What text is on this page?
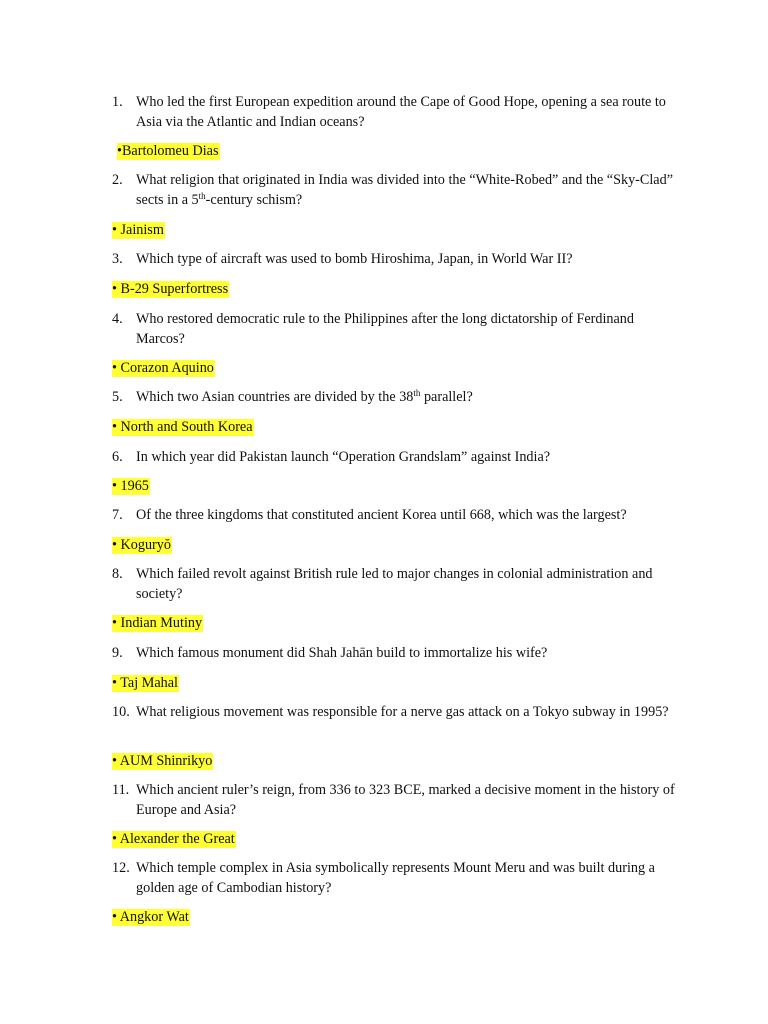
1. Who led the first European expedition around the Cape of Good Hope, opening a sea route to Asia via the Atlantic and Indian oceans?
•Bartolomeu Dias
2. What religion that originated in India was divided into the “White-Robed” and the “Sky-Clad” sects in a 5th-century schism?
• Jainism
3. Which type of aircraft was used to bomb Hiroshima, Japan, in World War II?
• B-29 Superfortress
4. Who restored democratic rule to the Philippines after the long dictatorship of Ferdinand Marcos?
• Corazon Aquino
5. Which two Asian countries are divided by the 38th parallel?
• North and South Korea
6. In which year did Pakistan launch “Operation Grandslam” against India?
• 1965
7. Of the three kingdoms that constituted ancient Korea until 668, which was the largest?
• Koguryŏ
8. Which failed revolt against British rule led to major changes in colonial administration and society?
• Indian Mutiny
9. Which famous monument did Shah Jahān build to immortalize his wife?
• Taj Mahal
10. What religious movement was responsible for a nerve gas attack on a Tokyo subway in 1995?
• AUM Shinrikyo
11. Which ancient ruler’s reign, from 336 to 323 BCE, marked a decisive moment in the history of Europe and Asia?
• Alexander the Great
12. Which temple complex in Asia symbolically represents Mount Meru and was built during a golden age of Cambodian history?
• Angkor Wat
